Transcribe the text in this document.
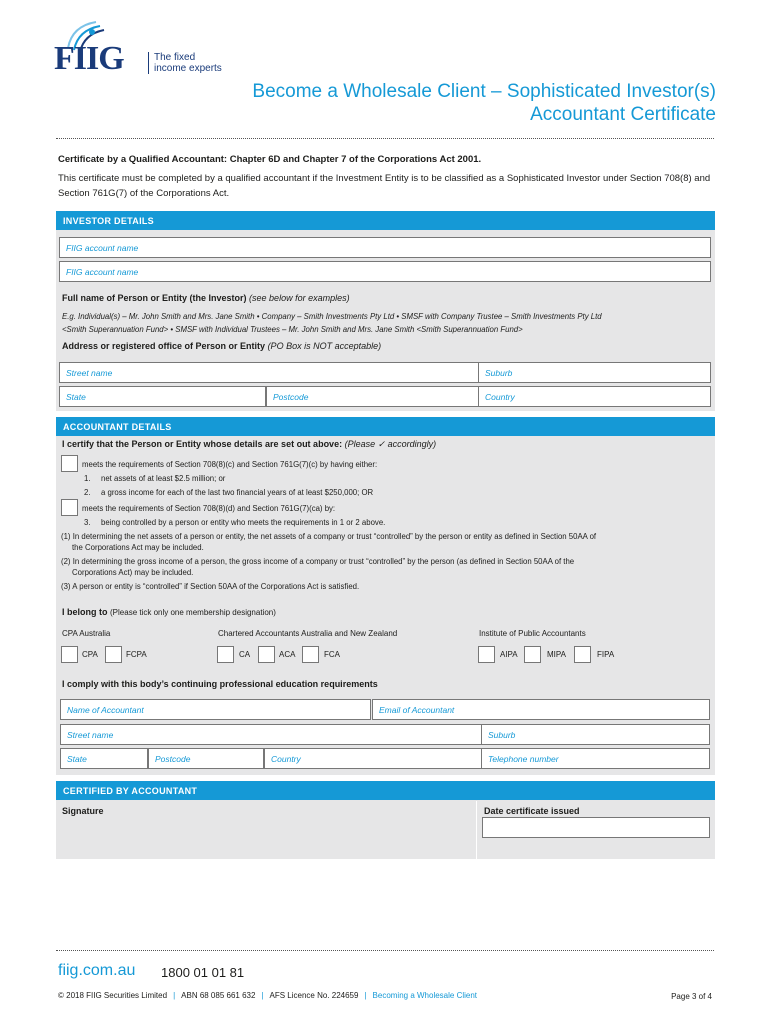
FIIG	The fixed
income experts
Become a Wholesale Client – Sophisticated Investor(s)
Accountant Certificate
Certificate by a Qualified Accountant: Chapter 6D and Chapter 7 of the Corporations Act 2001.
This certificate must be completed by a qualified accountant if the Investment Entity is to be classified as a Sophisticated Investor under Section 708(8) and Section 761G(7) of the Corporations Act.
INVESTOR DETAILS
FIIG account name
FIIG account name
Full name of Person or Entity (the Investor) (see below for examples)
E.g. Individual(s) – Mr. John Smith and Mrs. Jane Smith • Company – Smith Investments Pty Ltd • SMSF with Company Trustee – Smith Investments Pty Ltd
<Smith Superannuation Fund> • SMSF with Individual Trustees – Mr. John Smith and Mrs. Jane Smith <Smith Superannuation Fund>
Address or registered office of Person or Entity (PO Box is NOT acceptable)
Street name	Suburb
State	Postcode	Country
ACCOUNTANT DETAILS
I certify that the Person or Entity whose details are set out above: (Please ✓ accordingly)
meets the requirements of Section 708(8)(c) and Section 761G(7)(c) by having either:
1. net assets of at least $2.5 million; or
2. a gross income for each of the last two financial years of at least $250,000; OR
meets the requirements of Section 708(8)(d) and Section 761G(7)(ca) by:
3. being controlled by a person or entity who meets the requirements in 1 or 2 above.
(1) In determining the net assets of a person or entity, the net assets of a company or trust “controlled” by the person or entity as defined in Section 50AA of
the Corporations Act may be included.
(2) In determining the gross income of a person, the gross income of a company or trust “controlled” by the person (as defined in Section 50AA of the
Corporations Act) may be included.
(3) A person or entity is “controlled” if Section 50AA of the Corporations Act is satisfied.
I belong to (Please tick only one membership designation)
CPA Australia	Chartered Accountants Australia and New Zealand	Institute of Public Accountants
CPA	FCPA	CA	ACA	FCA	AIPA	MIPA	FIPA
I comply with this body’s continuing professional education requirements
Name of Accountant	Email of Accountant
Street name	Suburb
State	Postcode	Country	Telephone number
CERTIFIED BY ACCOUNTANT
Signature	Date certificate issued
fiig.com.au 1800 01 01 81
© 2018 FIIG Securities Limited | ABN 68 085 661 632 | AFS Licence No. 224659 | Becoming a Wholesale Client	Page 3 of 4
